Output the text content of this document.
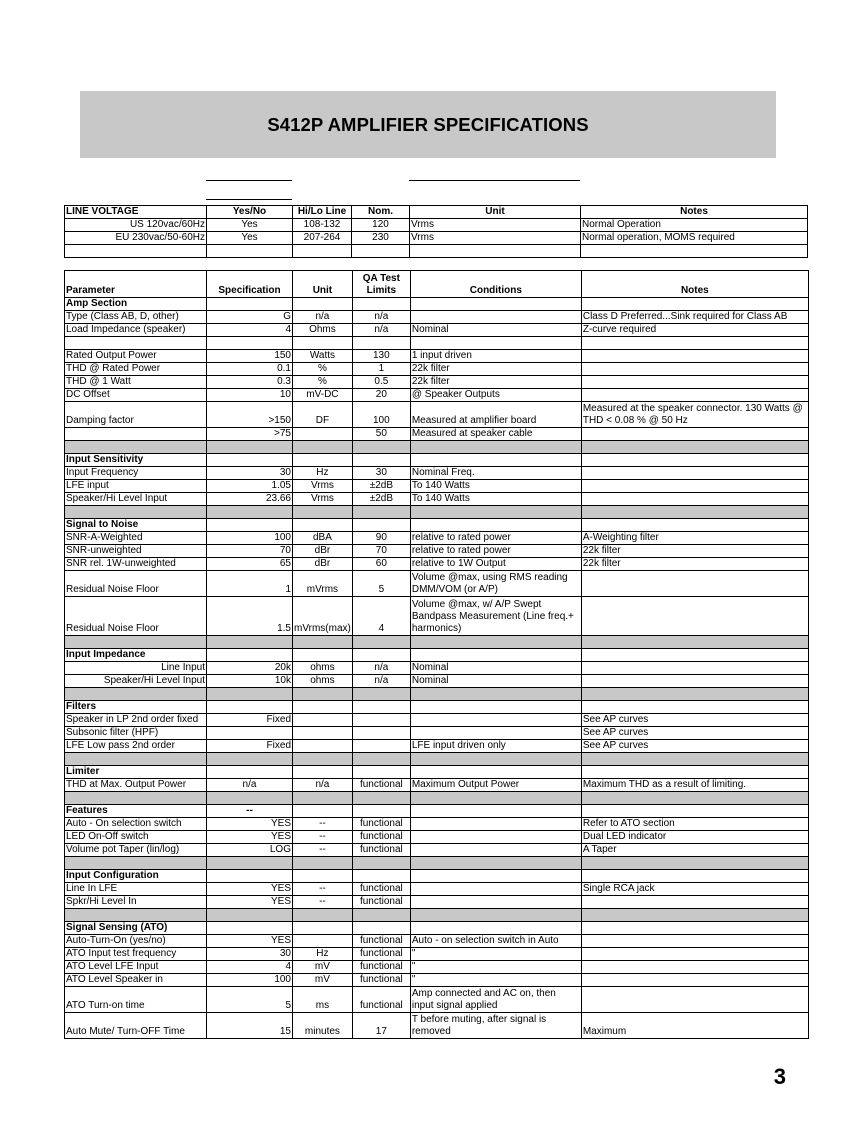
S412P AMPLIFIER SPECIFICATIONS
LINE VOLTAGE	Yes/No	Hi/Lo Line	Nom.	Unit	Notes
US 120vac/60Hz	Yes	108-132	120	Vrms	Normal Operation
EU 230vac/50-60Hz	Yes	207-264	230	Vrms	Normal operation, MOMS required

Parameter	Specification	Unit	QA Test Limits	Conditions	Notes
Amp Section					
Type (Class AB, D, other)	G	n/a	n/a		Class D Preferred...Sink required for Class AB
Load Impedance (speaker)	4	Ohms	n/a	Nominal	Z-curve required

Rated Output Power	150	Watts	130	1 input driven	
THD @ Rated Power	0.1	%	1	22k filter	
THD @ 1 Watt	0.3	%	0.5	22k filter	
DC Offset	10	mV-DC	20	@ Speaker Outputs	
Damping factor	>150	DF	100	Measured at amplifier board	Measured at the speaker connector. 130 Watts @ THD < 0.08 % @ 50 Hz
	>75		50	Measured at speaker cable	

Input Sensitivity					
Input Frequency	30	Hz	30	Nominal Freq.	
LFE input	1.05	Vrms	±2dB	To 140 Watts	
Speaker/Hi Level Input	23.66	Vrms	±2dB	To 140 Watts	

Signal to Noise					
SNR-A-Weighted	100	dBA	90	relative to rated power	A-Weighting filter
SNR-unweighted	70	dBr	70	relative to rated power	22k filter
SNR rel. 1W-unweighted	65	dBr	60	relative to 1W Output	22k filter
Residual Noise Floor	1	mVrms	5	Volume @max, using RMS reading DMM/VOM (or A/P)	
Residual Noise Floor	1.5	mVrms(max)	4	Volume @max, w/ A/P Swept Bandpass Measurement (Line freq.+ harmonics)	

Input Impedance					
Line Input	20k	ohms	n/a	Nominal	
Speaker/Hi Level Input	10k	ohms	n/a	Nominal	

Filters					
Speaker in LP 2nd order fixed	Fixed				See AP curves
Subsonic filter (HPF)					See AP curves
LFE Low pass 2nd order	Fixed			LFE input driven only	See AP curves

Limiter					
THD at Max. Output Power	n/a	n/a	functional	Maximum Output Power	Maximum THD as a result of limiting.

Features	--				
Auto - On selection switch	YES	--	functional		Refer to ATO section
LED On-Off switch	YES	--	functional		Dual LED indicator
Volume pot Taper (lin/log)	LOG	--	functional		A Taper

Input Configuration					
Line In LFE	YES	--	functional		Single RCA jack
Spkr/Hi Level In	YES	--	functional		

Signal Sensing (ATO)					
Auto-Turn-On (yes/no)	YES		functional	Auto - on selection switch in Auto	
ATO Input test frequency	30	Hz	functional	"	
ATO Level LFE Input	4	mV	functional	"	
ATO Level Speaker in	100	mV	functional	"	
ATO Turn-on time	5	ms	functional	Amp connected and AC on, then input signal applied	
Auto Mute/ Turn-OFF Time	15	minutes	17	T before muting, after signal is removed	Maximum
3
